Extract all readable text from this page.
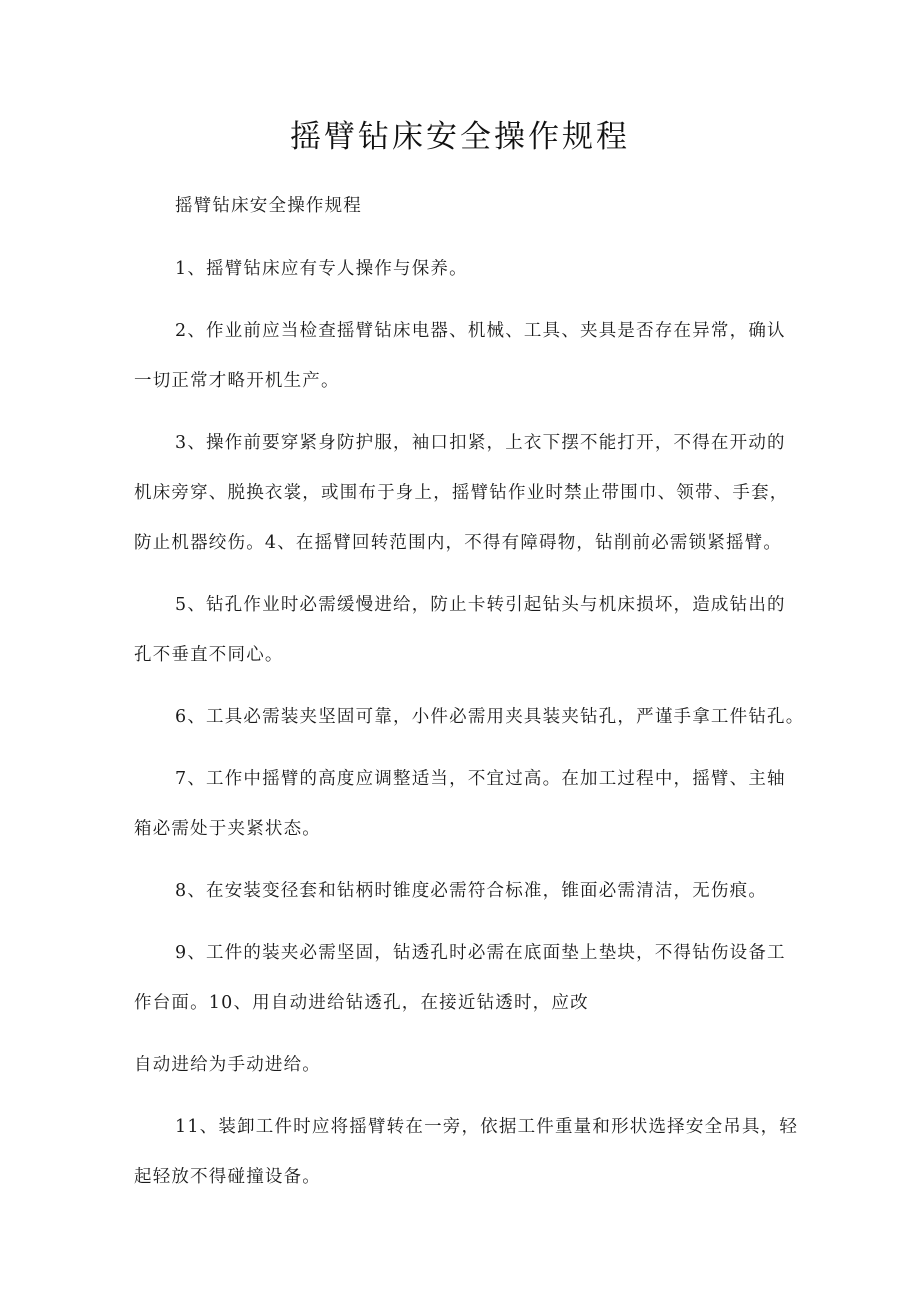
摇臂钻床安全操作规程
摇臂钻床安全操作规程
1、摇臂钻床应有专人操作与保养。
2、作业前应当检查摇臂钻床电器、机械、工具、夹具是否存在异常，确认
一切正常才略开机生产。
3、操作前要穿紧身防护服，袖口扣紧，上衣下摆不能打开，不得在开动的
机床旁穿、脱换衣裳，或围布于身上，摇臂钻作业时禁止带围巾、领带、手套，
防止机器绞伤。4、在摇臂回转范围内，不得有障碍物，钻削前必需锁紧摇臂。
5、钻孔作业时必需缓慢进给，防止卡转引起钻头与机床损坏，造成钻出的
孔不垂直不同心。
6、工具必需装夹坚固可靠，小件必需用夹具装夹钻孔，严谨手拿工件钻孔。
7、工作中摇臂的高度应调整适当，不宜过高。在加工过程中，摇臂、主轴
箱必需处于夹紧状态。
8、在安装变径套和钻柄时锥度必需符合标准，锥面必需清洁，无伤痕。
9、工件的装夹必需坚固，钻透孔时必需在底面垫上垫块，不得钻伤设备工
作台面。10、用自动进给钻透孔，在接近钻透时，应改
自动进给为手动进给。
11、装卸工件时应将摇臂转在一旁，依据工件重量和形状选择安全吊具，轻
起轻放不得碰撞设备。
